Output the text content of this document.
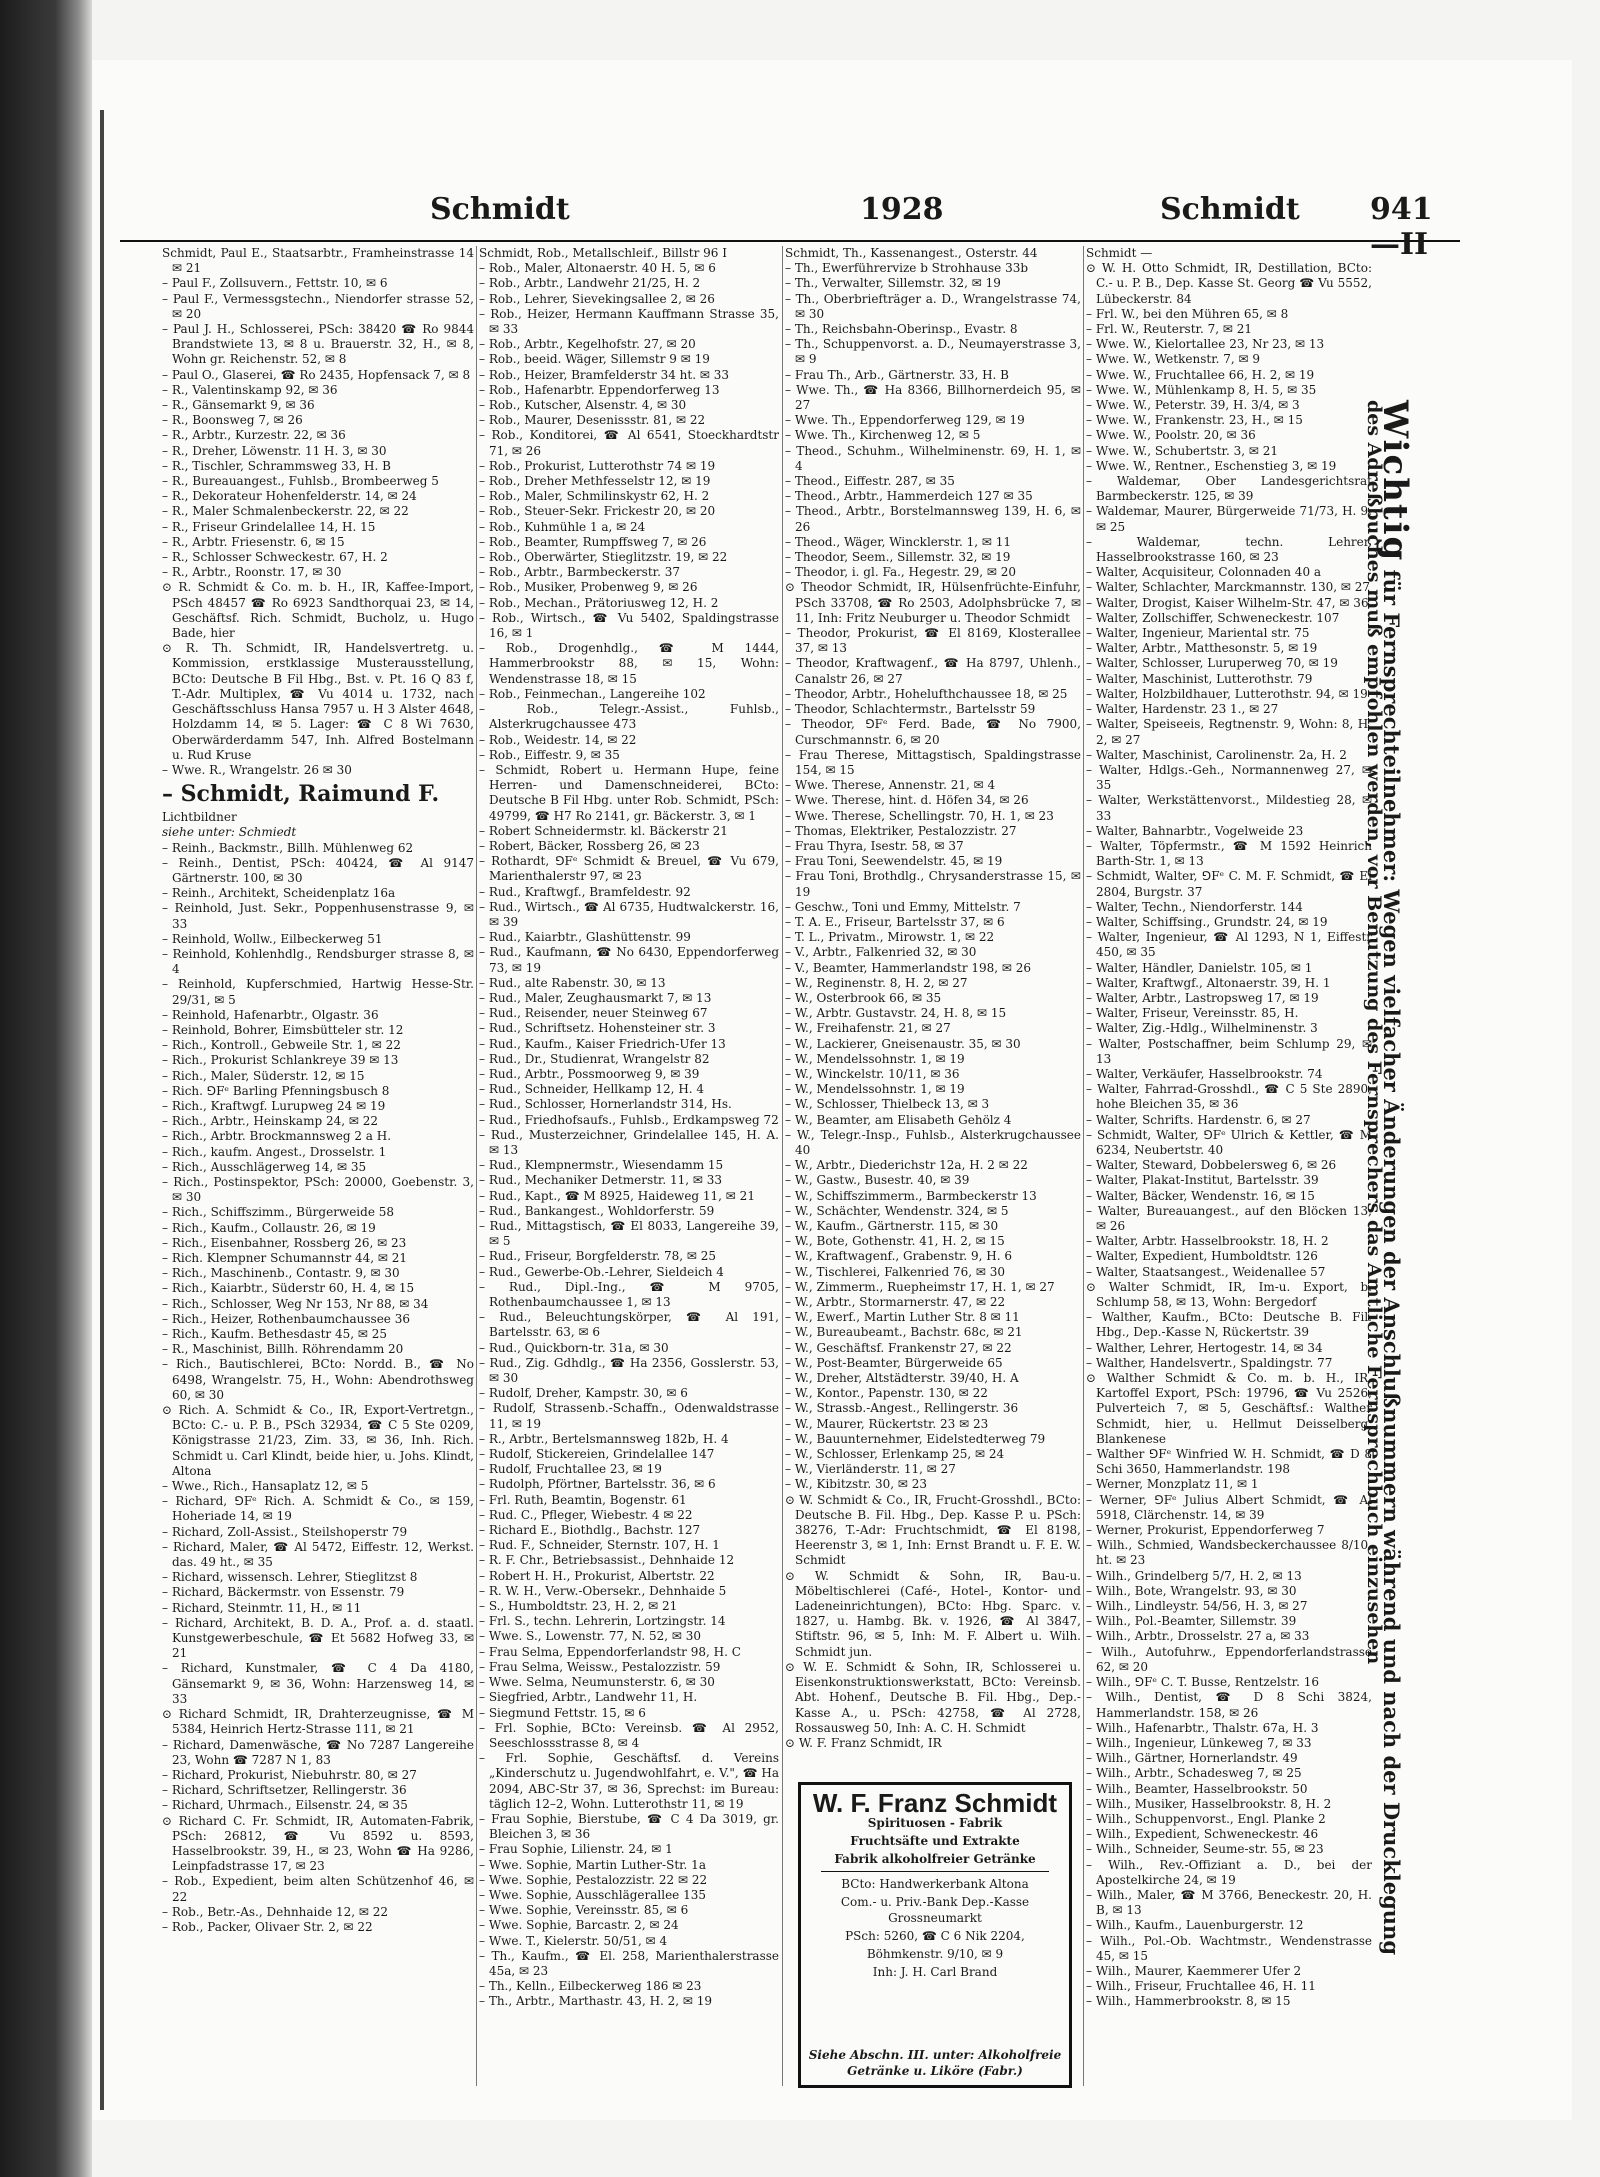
Schmidt	1928	Schmidt 941—II

Schmidt, Paul E., Staatsarbtr., Framheinstrasse 14 ✉ 21

– Paul F., Zollsuvern., Fettstr. 10, ✉ 6

– Paul F., Vermessgstechn., Niendorfer strasse 52, ✉ 20

– Paul J. H., Schlosserei, PSch: 38420 ☎ Ro 9844 Brandstwiete 13, ✉ 8 u. Brauerstr. 32, H., ✉ 8, Wohn gr. Reichenstr. 52, ✉ 8

– Paul O., Glaserei, ☎ Ro 2435, Hopfensack 7, ✉ 8

– R., Valentinskamp 92, ✉ 36

– R., Gänsemarkt 9, ✉ 36

– R., Boonsweg 7, ✉ 26

– R., Arbtr., Kurzestr. 22, ✉ 36

– R., Dreher, Löwenstr. 11 H. 3, ✉ 30

– R., Tischler, Schrammsweg 33, H. B

– R., Bureauangest., Fuhlsb., Brombeerweg 5

– R., Dekorateur Hohenfelderstr. 14, ✉ 24

– R., Maler Schmalenbeckerstr. 22, ✉ 22

– R., Friseur Grindelallee 14, H. 15

– R., Arbtr. Friesenstr. 6, ✉ 15

– R., Schlosser Schweckestr. 67, H. 2

– R., Arbtr., Roonstr. 17, ✉ 30

⊙ R. Schmidt & Co. m. b. H., IR, Kaffee-Import, PSch 48457 ☎ Ro 6923 Sandthorquai 23, ✉ 14, Geschäftsf. Rich. Schmidt, Bucholz, u. Hugo Bade, hier

⊙ R. Th. Schmidt, IR, Handelsvertretg. u. Kommission, erstklassige Musterausstellung, BCto: Deutsche B Fil Hbg., Bst. v. Pt. 16 Q 83 f, T.-Adr. Multiplex, ☎ Vu 4014 u. 1732, nach Geschäftsschluss Hansa 7957 u. H 3 Alster 4648, Holzdamm 14, ✉ 5. Lager: ☎ C 8 Wi 7630, Oberwärderdamm 547, Inh. Alfred Bostelmann u. Rud Kruse

– Wwe. R., Wrangelstr. 26 ✉ 30

– Schmidt, Raimund F.

Lichtbildner

siehe unter: Schmiedt

– Reinh., Backmstr., Billh. Mühlenweg 62

– Reinh., Dentist, PSch: 40424, ☎ Al 9147 Gärtnerstr. 100, ✉ 30

– Reinh., Architekt, Scheidenplatz 16a

– Reinhold, Just. Sekr., Poppenhusenstrasse 9, ✉ 33

– Reinhold, Wollw., Eilbeckerweg 51

– Reinhold, Kohlenhdlg., Rendsburger strasse 8, ✉ 4

– Reinhold, Kupferschmied, Hartwig Hesse-Str. 29/31, ✉ 5

– Reinhold, Hafenarbtr., Olgastr. 36

– Reinhold, Bohrer, Eimsbütteler str. 12

– Rich., Kontroll., Gebweile Str. 1, ✉ 22

– Rich., Prokurist Schlankreye 39 ✉ 13

– Rich., Maler, Süderstr. 12, ✉ 15

– Rich. ⅁Fᵉ Barling Pfenningsbusch 8

– Rich., Kraftwgf. Lurupweg 24 ✉ 19

– Rich., Arbtr., Heinskamp 24, ✉ 22

– Rich., Arbtr. Brockmannsweg 2 a H.

– Rich., kaufm. Angest., Drosselstr. 1

– Rich., Ausschlägerweg 14, ✉ 35

– Rich., Postinspektor, PSch: 20000, Goebenstr. 3, ✉ 30

– Rich., Schiffszimm., Bürgerweide 58

– Rich., Kaufm., Collaustr. 26, ✉ 19

– Rich., Eisenbahner, Rossberg 26, ✉ 23

– Rich. Klempner Schumannstr 44, ✉ 21

– Rich., Maschinenb., Contastr. 9, ✉ 30

– Rich., Kaiarbtr., Süderstr 60, H. 4, ✉ 15

– Rich., Schlosser, Weg Nr 153, Nr 88, ✉ 34

– Rich., Heizer, Rothenbaumchaussee 36

– Rich., Kaufm. Bethesdastr 45, ✉ 25

– R., Maschinist, Billh. Röhrendamm 20

– Rich., Bautischlerei, BCto: Nordd. B., ☎ No 6498, Wrangelstr. 75, H., Wohn: Abendrothsweg 60, ✉ 30

⊙ Rich. A. Schmidt & Co., IR, Export-Vertretgn., BCto: C.- u. P. B., PSch 32934, ☎ C 5 Ste 0209, Königstrasse 21/23, Zim. 33, ✉ 36, Inh. Rich. Schmidt u. Carl Klindt, beide hier, u. Johs. Klindt, Altona

– Wwe., Rich., Hansaplatz 12, ✉ 5

– Richard, ⅁Fᵉ Rich. A. Schmidt & Co., ✉ 159, Hoheriade 14, ✉ 19

– Richard, Zoll-Assist., Steilshoperstr 79

– Richard, Maler, ☎ Al 5472, Eiffestr. 12, Werkst. das. 49 ht., ✉ 35

– Richard, wissensch. Lehrer, Stieglitzst 8

– Richard, Bäckermstr. von Essenstr. 79

– Richard, Steinmtr. 11, H., ✉ 11

– Richard, Architekt, B. D. A., Prof. a. d. staatl. Kunstgewerbeschule, ☎ Et 5682 Hofweg 33, ✉ 21

– Richard, Kunstmaler, ☎ C 4 Da 4180, Gänsemarkt 9, ✉ 36, Wohn: Harzensweg 14, ✉ 33

⊙ Richard Schmidt, IR, Drahterzeugnisse, ☎ M 5384, Heinrich Hertz-Strasse 111, ✉ 21

– Richard, Damenwäsche, ☎ No 7287 Langereihe 23, Wohn ☎ 7287 N 1, 83

– Richard, Prokurist, Niebuhrstr. 80, ✉ 27

– Richard, Schriftsetzer, Rellingerstr. 36

– Richard, Uhrmach., Eilsenstr. 24, ✉ 35

⊙ Richard C. Fr. Schmidt, IR, Automaten-Fabrik, PSch: 26812, ☎ Vu 8592 u. 8593, Hasselbrookstr. 39, H., ✉ 23, Wohn ☎ Ha 9286, Leinpfadstrasse 17, ✉ 23

– Rob., Expedient, beim alten Schützenhof 46, ✉ 22

– Rob., Betr.-As., Dehnhaide 12, ✉ 22

– Rob., Packer, Olivaer Str. 2, ✉ 22

Schmidt, Rob., Metallschleif., Billstr 96 I

– Rob., Maler, Altonaerstr. 40 H. 5, ✉ 6

– Rob., Arbtr., Landwehr 21/25, H. 2

– Rob., Lehrer, Sievekingsallee 2, ✉ 26

– Rob., Heizer, Hermann Kauffmann Strasse 35, ✉ 33

– Rob., Arbtr., Kegelhofstr. 27, ✉ 20

– Rob., beeid. Wäger, Sillemstr 9 ✉ 19

– Rob., Heizer, Bramfelderstr 34 ht. ✉ 33

– Rob., Hafenarbtr. Eppendorferweg 13

– Rob., Kutscher, Alsenstr. 4, ✉ 30

– Rob., Maurer, Desenissstr. 81, ✉ 22

– Rob., Konditorei, ☎ Al 6541, Stoeckhardtstr 71, ✉ 26

– Rob., Prokurist, Lutterothstr 74 ✉ 19

– Rob., Dreher Methfesselstr 12, ✉ 19

– Rob., Maler, Schmilinskystr 62, H. 2

– Rob., Steuer-Sekr. Frickestr 20, ✉ 20

– Rob., Kuhmühle 1 a, ✉ 24

– Rob., Beamter, Rumpffsweg 7, ✉ 26

– Rob., Oberwärter, Stieglitzstr. 19, ✉ 22

– Rob., Arbtr., Barmbeckerstr. 37

– Rob., Musiker, Probenweg 9, ✉ 26

– Rob., Mechan., Prätoriusweg 12, H. 2

– Rob., Wirtsch., ☎ Vu 5402, Spaldingstrasse 16, ✉ 1

– Rob., Drogenhdlg., ☎ M 1444, Hammerbrookstr 88, ✉ 15, Wohn: Wendenstrasse 18, ✉ 15

– Rob., Feinmechan., Langereihe 102

– Rob., Telegr.-Assist., Fuhlsb., Alsterkrugchaussee 473

– Rob., Weidestr. 14, ✉ 22

– Rob., Eiffestr. 9, ✉ 35

– Schmidt, Robert u. Hermann Hupe, feine Herren- und Damenschneiderei, BCto: Deutsche B Fil Hbg. unter Rob. Schmidt, PSch: 49799, ☎ H7 Ro 2141, gr. Bäckerstr. 3, ✉ 1

– Robert Schneidermstr. kl. Bäckerstr 21

– Robert, Bäcker, Rossberg 26, ✉ 23

– Rothardt, ⅁Fᵉ Schmidt & Breuel, ☎ Vu 679, Marienthalerstr 97, ✉ 23

– Rud., Kraftwgf., Bramfeldestr. 92

– Rud., Wirtsch., ☎ Al 6735, Hudtwalckerstr. 16, ✉ 39

– Rud., Kaiarbtr., Glashüttenstr. 99

– Rud., Kaufmann, ☎ No 6430, Eppendorferweg 73, ✉ 19

– Rud., alte Rabenstr. 30, ✉ 13

– Rud., Maler, Zeughausmarkt 7, ✉ 13

– Rud., Reisender, neuer Steinweg 67

– Rud., Schriftsetz. Hohensteiner str. 3

– Rud., Kaufm., Kaiser Friedrich-Ufer 13

– Rud., Dr., Studienrat, Wrangelstr 82

– Rud., Arbtr., Possmoorweg 9, ✉ 39

– Rud., Schneider, Hellkamp 12, H. 4

– Rud., Schlosser, Hornerlandstr 314, Hs.

– Rud., Friedhofsaufs., Fuhlsb., Erdkampsweg 72

– Rud., Musterzeichner, Grindelallee 145, H. A. ✉ 13

– Rud., Klempnermstr., Wiesendamm 15

– Rud., Mechaniker Detmerstr. 11, ✉ 33

– Rud., Kapt., ☎ M 8925, Haideweg 11, ✉ 21

– Rud., Bankangest., Wohldorferstr. 59

– Rud., Mittagstisch, ☎ El 8033, Langereihe 39, ✉ 5

– Rud., Friseur, Borgfelderstr. 78, ✉ 25

– Rud., Gewerbe-Ob.-Lehrer, Sieldeich 4

– Rud., Dipl.-Ing., ☎ M 9705, Rothenbaumchaussee 1, ✉ 13

– Rud., Beleuchtungskörper, ☎ Al 191, Bartelsstr. 63, ✉ 6

– Rud., Quickborn-tr. 31a, ✉ 30

– Rud., Zig. Gdhdlg., ☎ Ha 2356, Gosslerstr. 53, ✉ 30

– Rudolf, Dreher, Kampstr. 30, ✉ 6

– Rudolf, Strassenb.-Schaffn., Odenwaldstrasse 11, ✉ 19

– R., Arbtr., Bertelsmannsweg 182b, H. 4

– Rudolf, Stickereien, Grindelallee 147

– Rudolf, Fruchtallee 23, ✉ 19

– Rudolph, Pförtner, Bartelsstr. 36, ✉ 6

– Frl. Ruth, Beamtin, Bogenstr. 61

– Rud. C., Pfleger, Wiebestr. 4 ✉ 22

– Richard E., Biothdlg., Bachstr. 127

– Rud. F., Schneider, Sternstr. 107, H. 1

– R. F. Chr., Betriebsassist., Dehnhaide 12

– Robert H. H., Prokurist, Albertstr. 22

– R. W. H., Verw.-Obersekr., Dehnhaide 5

– S., Humboldtstr. 23, H. 2, ✉ 21

– Frl. S., techn. Lehrerin, Lortzingstr. 14

– Wwe. S., Lowenstr. 77, N. 52, ✉ 30

– Frau Selma, Eppendorferlandstr 98, H. C

– Frau Selma, Weissw., Pestalozzistr. 59

– Wwe. Selma, Neumunsterstr. 6, ✉ 30

– Siegfried, Arbtr., Landwehr 11, H.

– Siegmund Fettstr. 15, ✉ 6

– Frl. Sophie, BCto: Vereinsb. ☎ Al 2952, Seeschlossstrasse 8, ✉ 4

– Frl. Sophie, Geschäftsf. d. Vereins „Kinderschutz u. Jugendwohlfahrt, e. V.", ☎ Ha 2094, ABC-Str 37, ✉ 36, Sprechst: im Bureau: täglich 12–2, Wohn. Lutterothstr 11, ✉ 19

– Frau Sophie, Bierstube, ☎ C 4 Da 3019, gr. Bleichen 3, ✉ 36

– Frau Sophie, Lilienstr. 24, ✉ 1

– Wwe. Sophie, Martin Luther-Str. 1a

– Wwe. Sophie, Pestalozzistr. 22 ✉ 22

– Wwe. Sophie, Ausschlägerallee 135

– Wwe. Sophie, Vereinsstr. 85, ✉ 6

– Wwe. Sophie, Barcastr. 2, ✉ 24

– Wwe. T., Kielerstr. 50/51, ✉ 4

– Th., Kaufm., ☎ El. 258, Marienthalerstrasse 45a, ✉ 23

– Th., Kelln., Eilbeckerweg 186 ✉ 23

– Th., Arbtr., Marthastr. 43, H. 2, ✉ 19

Schmidt, Th., Kassenangest., Osterstr. 44

– Th., Ewerführervize b Strohhause 33b

– Th., Verwalter, Sillemstr. 32, ✉ 19

– Th., Oberbriefträger a. D., Wrangelstrasse 74, ✉ 30

– Th., Reichsbahn-Oberinsp., Evastr. 8

– Th., Schuppenvorst. a. D., Neumayerstrasse 3, ✉ 9

– Frau Th., Arb., Gärtnerstr. 33, H. B

– Wwe. Th., ☎ Ha 8366, Billhornerdeich 95, ✉ 27

– Wwe. Th., Eppendorferweg 129, ✉ 19

– Wwe. Th., Kirchenweg 12, ✉ 5

– Theod., Schuhm., Wilhelminenstr. 69, H. 1, ✉ 4

– Theod., Eiffestr. 287, ✉ 35

– Theod., Arbtr., Hammerdeich 127 ✉ 35

– Theod., Arbtr., Borstelmannsweg 139, H. 6, ✉ 26

– Theod., Wäger, Wincklerstr. 1, ✉ 11

– Theodor, Seem., Sillemstr. 32, ✉ 19

– Theodor, i. gl. Fa., Hegestr. 29, ✉ 20

⊙ Theodor Schmidt, IR, Hülsenfrüchte-Einfuhr, PSch 33708, ☎ Ro 2503, Adolphsbrücke 7, ✉ 11, Inh: Fritz Neuburger u. Theodor Schmidt

– Theodor, Prokurist, ☎ El 8169, Klosterallee 37, ✉ 13

– Theodor, Kraftwagenf., ☎ Ha 8797, Uhlenh., Canalstr 26, ✉ 27

– Theodor, Arbtr., Hohelufthchaussee 18, ✉ 25

– Theodor, Schlachtermstr., Bartelsstr 59

– Theodor, ⅁Fᵉ Ferd. Bade, ☎ No 7900, Curschmannstr. 6, ✉ 20

– Frau Therese, Mittagstisch, Spaldingstrasse 154, ✉ 15

– Wwe. Therese, Annenstr. 21, ✉ 4

– Wwe. Therese, hint. d. Höfen 34, ✉ 26

– Wwe. Therese, Schellingstr. 70, H. 1, ✉ 23

– Thomas, Elektriker, Pestalozzistr. 27

– Frau Thyra, Isestr. 58, ✉ 37

– Frau Toni, Seewendelstr. 45, ✉ 19

– Frau Toni, Brothdlg., Chrysanderstrasse 15, ✉ 19

– Geschw., Toni und Emmy, Mittelstr. 7

– T. A. E., Friseur, Bartelsstr 37, ✉ 6

– T. L., Privatm., Mirowstr. 1, ✉ 22

– V., Arbtr., Falkenried 32, ✉ 30

– V., Beamter, Hammerlandstr 198, ✉ 26

– W., Reginenstr. 8, H. 2, ✉ 27

– W., Osterbrook 66, ✉ 35

– W., Arbtr. Gustavstr. 24, H. 8, ✉ 15

– W., Freihafenstr. 21, ✉ 27

– W., Lackierer, Gneisenaustr. 35, ✉ 30

– W., Mendelssohnstr. 1, ✉ 19

– W., Winckelstr. 10/11, ✉ 36

– W., Mendelssohnstr. 1, ✉ 19

– W., Schlosser, Thielbeck 13, ✉ 3

– W., Beamter, am Elisabeth Gehölz 4

– W., Telegr.-Insp., Fuhlsb., Alsterkrugchaussee 40

– W., Arbtr., Diederichstr 12a, H. 2 ✉ 22

– W., Gastw., Busestr. 40, ✉ 39

– W., Schiffszimmerm., Barmbeckerstr 13

– W., Schächter, Wendenstr. 324, ✉ 5

– W., Kaufm., Gärtnerstr. 115, ✉ 30

– W., Bote, Gothenstr. 41, H. 2, ✉ 15

– W., Kraftwagenf., Grabenstr. 9, H. 6

– W., Tischlerei, Falkenried 76, ✉ 30

– W., Zimmerm., Ruepheimstr 17, H. 1, ✉ 27

– W., Arbtr., Stormarnerstr. 47, ✉ 22

– W., Ewerf., Martin Luther Str. 8 ✉ 11

– W., Bureaubeamt., Bachstr. 68c, ✉ 21

– W., Geschäftsf. Frankenstr 27, ✉ 22

– W., Post-Beamter, Bürgerweide 65

– W., Dreher, Altstädterstr. 39/40, H. A

– W., Kontor., Papenstr. 130, ✉ 22

– W., Strassb.-Angest., Rellingerstr. 36

– W., Maurer, Rückertstr. 23 ✉ 23

– W., Bauunternehmer, Eidelstedterweg 79

– W., Schlosser, Erlenkamp 25, ✉ 24

– W., Vierländerstr. 11, ✉ 27

– W., Kibitzstr. 30, ✉ 23

⊙ W. Schmidt & Co., IR, Frucht-Grosshdl., BCto: Deutsche B. Fil. Hbg., Dep. Kasse P. u. PSch: 38276, T.-Adr: Fruchtschmidt, ☎ El 8198, Heerenstr 3, ✉ 1, Inh: Ernst Brandt u. F. E. W. Schmidt

⊙ W. Schmidt & Sohn, IR, Bau-u. Möbeltischlerei (Café-, Hotel-, Kontor- und Ladeneinrichtungen), BCto: Hbg. Sparc. v. 1827, u. Hambg. Bk. v. 1926, ☎ Al 3847, Stiftstr. 96, ✉ 5, Inh: M. F. Albert u. Wilh. Schmidt jun.

⊙ W. E. Schmidt & Sohn, IR, Schlosserei u. Eisenkonstruktionswerkstatt, BCto: Vereinsb. Abt. Hohenf., Deutsche B. Fil. Hbg., Dep.-Kasse A., u. PSch: 42758, ☎ Al 2728, Rossausweg 50, Inh: A. C. H. Schmidt

⊙ W. F. Franz Schmidt, IR

Schmidt —

⊙ W. H. Otto Schmidt, IR, Destillation, BCto: C.- u. P. B., Dep. Kasse St. Georg ☎ Vu 5552, Lübeckerstr. 84

– Frl. W., bei den Mühren 65, ✉ 8

– Frl. W., Reuterstr. 7, ✉ 21

– Wwe. W., Kielortallee 23, Nr 23, ✉ 13

– Wwe. W., Wetkenstr. 7, ✉ 9

– Wwe. W., Fruchtallee 66, H. 2, ✉ 19

– Wwe. W., Mühlenkamp 8, H. 5, ✉ 35

– Wwe. W., Peterstr. 39, H. 3/4, ✉ 3

– Wwe. W., Frankenstr. 23, H., ✉ 15

– Wwe. W., Poolstr. 20, ✉ 36

– Wwe. W., Schubertstr. 3, ✉ 21

– Wwe. W., Rentner., Eschenstieg 3, ✉ 19

– Waldemar, Ober Landesgerichtsrat Barmbeckerstr. 125, ✉ 39

– Waldemar, Maurer, Bürgerweide 71/73, H. 9, ✉ 25

– Waldemar, techn. Lehrer, Hasselbrookstrasse 160, ✉ 23

– Walter, Acquisiteur, Colonnaden 40 a

– Walter, Schlachter, Marckmannstr. 130, ✉ 27

– Walter, Drogist, Kaiser Wilhelm-Str. 47, ✉ 36

– Walter, Zollschiffer, Schweneckestr. 107

– Walter, Ingenieur, Mariental str. 75

– Walter, Arbtr., Matthesonstr. 5, ✉ 19

– Walter, Schlosser, Luruperweg 70, ✉ 19

– Walter, Maschinist, Lutterothstr. 79

– Walter, Holzbildhauer, Lutterothstr. 94, ✉ 19

– Walter, Hardenstr. 23 1., ✉ 27

– Walter, Speiseeis, Regtnenstr. 9, Wohn: 8, H. 2, ✉ 27

– Walter, Maschinist, Carolinenstr. 2a, H. 2

– Walter, Hdlgs.-Geh., Normannenweg 27, ✉ 35

– Walter, Werkstättenvorst., Mildestieg 28, ✉ 33

– Walter, Bahnarbtr., Vogelweide 23

– Walter, Töpfermstr., ☎ M 1592 Heinrich Barth-Str. 1, ✉ 13

– Schmidt, Walter, ⅁Fᵉ C. M. F. Schmidt, ☎ El 2804, Burgstr. 37

– Walter, Techn., Niendorferstr. 144

– Walter, Schiffsing., Grundstr. 24, ✉ 19

– Walter, Ingenieur, ☎ Al 1293, N 1, Eiffestr 450, ✉ 35

– Walter, Händler, Danielstr. 105, ✉ 1

– Walter, Kraftwgf., Altonaerstr. 39, H. 1

– Walter, Arbtr., Lastropsweg 17, ✉ 19

– Walter, Friseur, Vereinsstr. 85, H.

– Walter, Zig.-Hdlg., Wilhelminenstr. 3

– Walter, Postschaffner, beim Schlump 29, ✉ 13

– Walter, Verkäufer, Hasselbrookstr. 74

– Walter, Fahrrad-Grosshdl., ☎ C 5 Ste 2890, hohe Bleichen 35, ✉ 36

– Walter, Schrifts. Hardenstr. 6, ✉ 27

– Schmidt, Walter, ⅁Fᵉ Ulrich & Kettler, ☎ M 6234, Neubertstr. 40

– Walter, Steward, Dobbelersweg 6, ✉ 26

– Walter, Plakat-Institut, Bartelsstr. 39

– Walter, Bäcker, Wendenstr. 16, ✉ 15

– Walter, Bureauangest., auf den Blöcken 13, ✉ 26

– Walter, Arbtr. Hasselbrookstr. 18, H. 2

– Walter, Expedient, Humboldtstr. 126

– Walter, Staatsangest., Weidenallee 57

⊙ Walter Schmidt, IR, Im-u. Export, b. Schlump 58, ✉ 13, Wohn: Bergedorf

– Walther, Kaufm., BCto: Deutsche B. Fil. Hbg., Dep.-Kasse N, Rückertstr. 39

– Walther, Lehrer, Hertogestr. 14, ✉ 34

– Walther, Handelsvertr., Spaldingstr. 77

⊙ Walther Schmidt & Co. m. b. H., IR, Kartoffel Export, PSch: 19796, ☎ Vu 2526, Pulverteich 7, ✉ 5, Geschäftsf.: Walther Schmidt, hier, u. Hellmut Deisselberg, Blankenese

– Walther ⅁Fᵉ Winfried W. H. Schmidt, ☎ D 8 Schi 3650, Hammerlandstr. 198

– Werner, Monzplatz 11, ✉ 1

– Werner, ⅁Fᵉ Julius Albert Schmidt, ☎ Al 5918, Clärchenstr. 14, ✉ 39

– Werner, Prokurist, Eppendorferweg 7

– Wilh., Schmied, Wandsbeckerchaussee 8/10, ht. ✉ 23

– Wilh., Grindelberg 5/7, H. 2, ✉ 13

– Wilh., Bote, Wrangelstr. 93, ✉ 30

– Wilh., Lindleystr. 54/56, H. 3, ✉ 27

– Wilh., Pol.-Beamter, Sillemstr. 39

– Wilh., Arbtr., Drosselstr. 27 a, ✉ 33

– Wilh., Autofuhrw., Eppendorferlandstrasse 62, ✉ 20

– Wilh., ⅁Fᵉ C. T. Busse, Rentzelstr. 16

– Wilh., Dentist, ☎ D 8 Schi 3824, Hammerlandstr. 158, ✉ 26

– Wilh., Hafenarbtr., Thalstr. 67a, H. 3

– Wilh., Ingenieur, Lünkeweg 7, ✉ 33

– Wilh., Gärtner, Hornerlandstr. 49

– Wilh., Arbtr., Schadesweg 7, ✉ 25

– Wilh., Beamter, Hasselbrookstr. 50

– Wilh., Musiker, Hasselbrookstr. 8, H. 2

– Wilh., Schuppenvorst., Engl. Planke 2

– Wilh., Expedient, Schweneckestr. 46

– Wilh., Schneider, Seume-str. 55, ✉ 23

– Wilh., Rev.-Offiziant a. D., bei der Apostelkirche 24, ✉ 19

– Wilh., Maler, ☎ M 3766, Beneckestr. 20, H. B, ✉ 13

– Wilh., Kaufm., Lauenburgerstr. 12

– Wilh., Pol.-Ob. Wachtmstr., Wendenstrasse 45, ✉ 15

– Wilh., Maurer, Kaemmerer Ufer 2

– Wilh., Friseur, Fruchtallee 46, H. 11

– Wilh., Hammerbrookstr. 8, ✉ 15

W. F. Franz Schmidt
Spirituosen - Fabrik
Fruchtsäfte und Extrakte
Fabrik alkoholfreier Getränke
BCto: Handwerkerbank Altona
Com.- u. Priv.-Bank Dep.-Kasse Grossneumarkt
PSch: 5260, ☎ C 6 Nik 2204,
Böhmkenstr. 9/10, ✉ 9
Inh: J. H. Carl Brand
Siehe Abschn. III. unter: Alkoholfreie Getränke u. Liköre (Fabr.)
Wichtig für Fernsprechteilnehmer: Wegen vielfacher Änderungen der Anschlußnummern während und nach der Drucklegung
des Adreßbuches muß empfohlen werden, vor Benutzung des Fernsprechers das Amtliche Fernsprechbuch einzusehen
